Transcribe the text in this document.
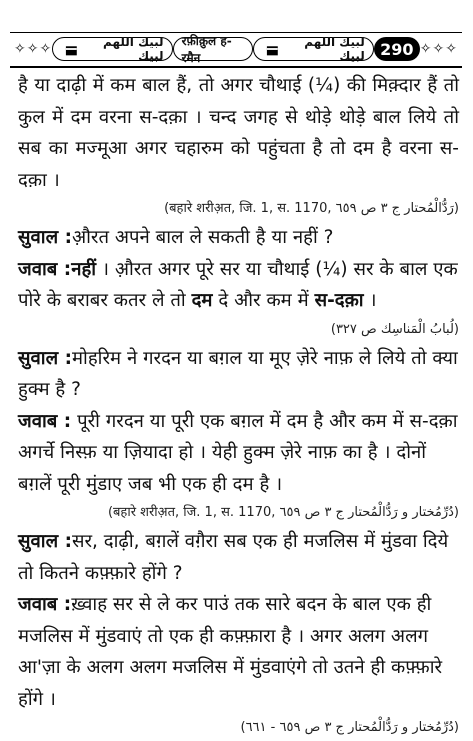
✧✧✧	لبيك اللهم لبيك
रफ़ीक़ुल ह-रमैन
لبيك اللهم لبيك 290 ✧✧✧

है या दाढ़ी में कम बाल हैं, तो अगर चौथाई (¼) की मिक़्दार हैं तो कुल में दम वरना स-दक़ा । चन्द जगह से थोड़े थोड़े बाल लिये तो सब का मज्मूआ अगर चहारुम को पहुंचता है तो दम है वरना स-दक़ा ।

(बहारे शरीअ़त, जि. 1, स. 1170, رَدُّالْمُحتار ج ٣ ص ٦٥٩)
सुवाल : औ़रत अपने बाल ले सकती है या नहीं ?
जवाब :नहीं । औ़रत अगर पूरे सर या चौथाई (¼) सर के बाल एक पोरे के बराबर कतर ले तो दम दे और कम में स-दक़ा ।
(لُبابُ الْمَناسِك ص ٣٢٧)
सुवाल :मोहरिम ने गरदन या बग़ल या मूए ज़ेरे नाफ़ ले लिये तो क्या हुक्म है ?
जवाब : पूरी गरदन या पूरी एक बग़ल में दम है और कम में स-दक़ा अगर्चे निस्फ़ या ज़ियादा हो । येही हुक्म ज़ेरे नाफ़ का है । दोनों बग़लें पूरी मुंडाए जब भी एक ही दम है ।
(बहारे शरीअ़त, जि. 1, स. 1170, دُرِّمُختار و رَدُّالْمُحتار ج ٣ ص ٦٥٩)
सुवाल :सर, दाढ़ी, बग़लें वग़ैरा सब एक ही मजलिस में मुंडवा दिये तो कितने कफ़्फ़ारे होंगे ?
जवाब :ख़्वाह सर से ले कर पाउं तक सारे बदन के बाल एक ही मजलिस में मुंडवाएं तो एक ही कफ़्फ़ारा है । अगर अलग अलग आ'ज़ा के अलग अलग मजलिस में मुंडवाएंगे तो उतने ही कफ़्फ़ारे होंगे ।
(دُرِّمُختار و رَدُّالْمُحتار ج ٣ ص ٦٥٩ - ٦٦١)
